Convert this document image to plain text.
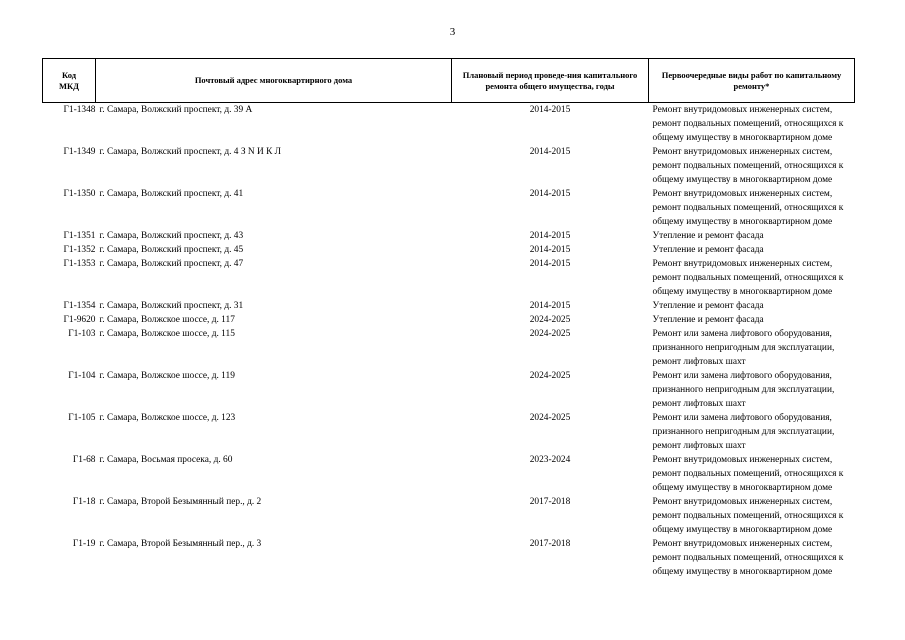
3
Код МКД	Почтовый адрес многоквартирного дома	Плановый период проведе-ния капитального ремонта общего имущества, годы	Первоочередные виды работ по капитальному ремонту*
Г1-1348	г. Самара, Волжский проспект, д. 39 А	2014-2015	Ремонт внутридомовых инженерных систем,
ремонт подвальных помещений, относящихся к
общему имуществу в многоквартирном доме

Г1-1349	г. Самара, Волжский проспект, д. 4 З N И К Л	2014-2015	Ремонт внутридомовых инженерных систем,
ремонт подвальных помещений, относящихся к
общему имуществу в многоквартирном доме

Г1-1350	г. Самара, Волжский проспект, д. 41	2014-2015	Ремонт внутридомовых инженерных систем,
ремонт подвальных помещений, относящихся к
общему имуществу в многоквартирном доме

Г1-1351	г. Самара, Волжский проспект, д. 43	2014-2015	Утепление и ремонт фасада

Г1-1352	г. Самара, Волжский проспект, д. 45	2014-2015	Утепление и ремонт фасада

Г1-1353	г. Самара, Волжский проспект, д. 47	2014-2015	Ремонт внутридомовых инженерных систем,
ремонт подвальных помещений, относящихся к
общему имуществу в многоквартирном доме

Г1-1354	г. Самара, Волжский проспект, д. 31	2014-2015	Утепление и ремонт фасада

Г1-9620	г. Самара, Волжское шоссе, д. 117	2024-2025	Утепление и ремонт фасада

Г1-103	г. Самара, Волжское шоссе, д. 115	2024-2025	Ремонт или замена лифтового оборудования,
признанного непригодным для эксплуатации,
ремонт лифтовых шахт

Г1-104	г. Самара, Волжское шоссе, д. 119	2024-2025	Ремонт или замена лифтового оборудования,
признанного непригодным для эксплуатации,
ремонт лифтовых шахт

Г1-105	г. Самара, Волжское шоссе, д. 123	2024-2025	Ремонт или замена лифтового оборудования,
признанного непригодным для эксплуатации,
ремонт лифтовых шахт

Г1-68	г. Самара, Восьмая просека, д. 60	2023-2024	Ремонт внутридомовых инженерных систем,
ремонт подвальных помещений, относящихся к
общему имуществу в многоквартирном доме

Г1-18	г. Самара, Второй Безымянный пер., д. 2	2017-2018	Ремонт внутридомовых инженерных систем,
ремонт подвальных помещений, относящихся к
общему имуществу в многоквартирном доме

Г1-19	г. Самара, Второй Безымянный пер., д. 3	2017-2018	Ремонт внутридомовых инженерных систем,
ремонт подвальных помещений, относящихся к
общему имуществу в многоквартирном доме
